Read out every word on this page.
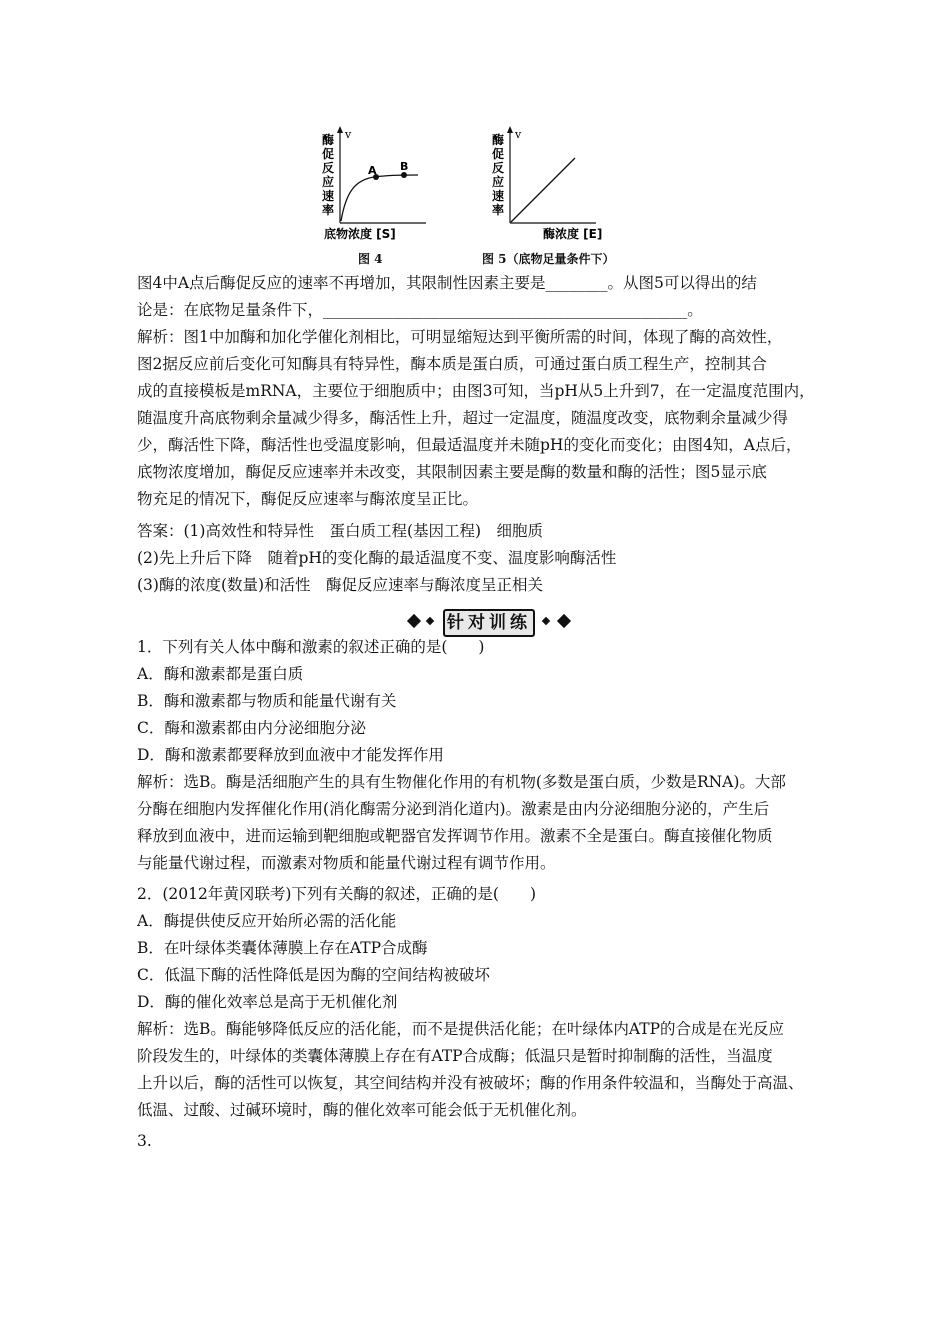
v
酶
促
反
应
速
率
A B
底物浓度 [S]
v
酶
促
反
应
速
率
酶浓度 [E]
图 4	图 5（底物足量条件下）
图4中A点后酶促反应的速率不再增加，其限制性因素主要是________。从图5可以得出的结
论是：在底物足量条件下，_______________________________________________。
解析：图1中加酶和加化学催化剂相比，可明显缩短达到平衡所需的时间，体现了酶的高效性，
图2据反应前后变化可知酶具有特异性，酶本质是蛋白质，可通过蛋白质工程生产，控制其合
成的直接模板是mRNA，主要位于细胞质中；由图3可知，当pH从5上升到7，在一定温度范围内，
随温度升高底物剩余量减少得多，酶活性上升，超过一定温度，随温度改变，底物剩余量减少得
少，酶活性下降，酶活性也受温度影响，但最适温度并未随pH的变化而变化；由图4知，A点后，
底物浓度增加，酶促反应速率并未改变，其限制因素主要是酶的数量和酶的活性；图5显示底
物充足的情况下，酶促反应速率与酶浓度呈正比。
答案：(1)高效性和特异性　蛋白质工程(基因工程)　细胞质
(2)先上升后下降　随着pH的变化酶的最适温度不变、温度影响酶活性
(3)酶的浓度(数量)和活性　酶促反应速率与酶浓度呈正相关
针对训练
1．下列有关人体中酶和激素的叙述正确的是(　　)
A．酶和激素都是蛋白质
B．酶和激素都与物质和能量代谢有关
C．酶和激素都由内分泌细胞分泌
D．酶和激素都要释放到血液中才能发挥作用
解析：选B。酶是活细胞产生的具有生物催化作用的有机物(多数是蛋白质，少数是RNA)。大部
分酶在细胞内发挥催化作用(消化酶需分泌到消化道内)。激素是由内分泌细胞分泌的，产生后
释放到血液中，进而运输到靶细胞或靶器官发挥调节作用。激素不全是蛋白。酶直接催化物质
与能量代谢过程，而激素对物质和能量代谢过程有调节作用。
2．(2012年黄冈联考)下列有关酶的叙述，正确的是(　　)
A．酶提供使反应开始所必需的活化能
B．在叶绿体类囊体薄膜上存在ATP合成酶
C．低温下酶的活性降低是因为酶的空间结构被破坏
D．酶的催化效率总是高于无机催化剂
解析：选B。酶能够降低反应的活化能，而不是提供活化能；在叶绿体内ATP的合成是在光反应
阶段发生的，叶绿体的类囊体薄膜上存在有ATP合成酶；低温只是暂时抑制酶的活性，当温度
上升以后，酶的活性可以恢复，其空间结构并没有被破坏；酶的作用条件较温和，当酶处于高温、
低温、过酸、过碱环境时，酶的催化效率可能会低于无机催化剂。
3.
